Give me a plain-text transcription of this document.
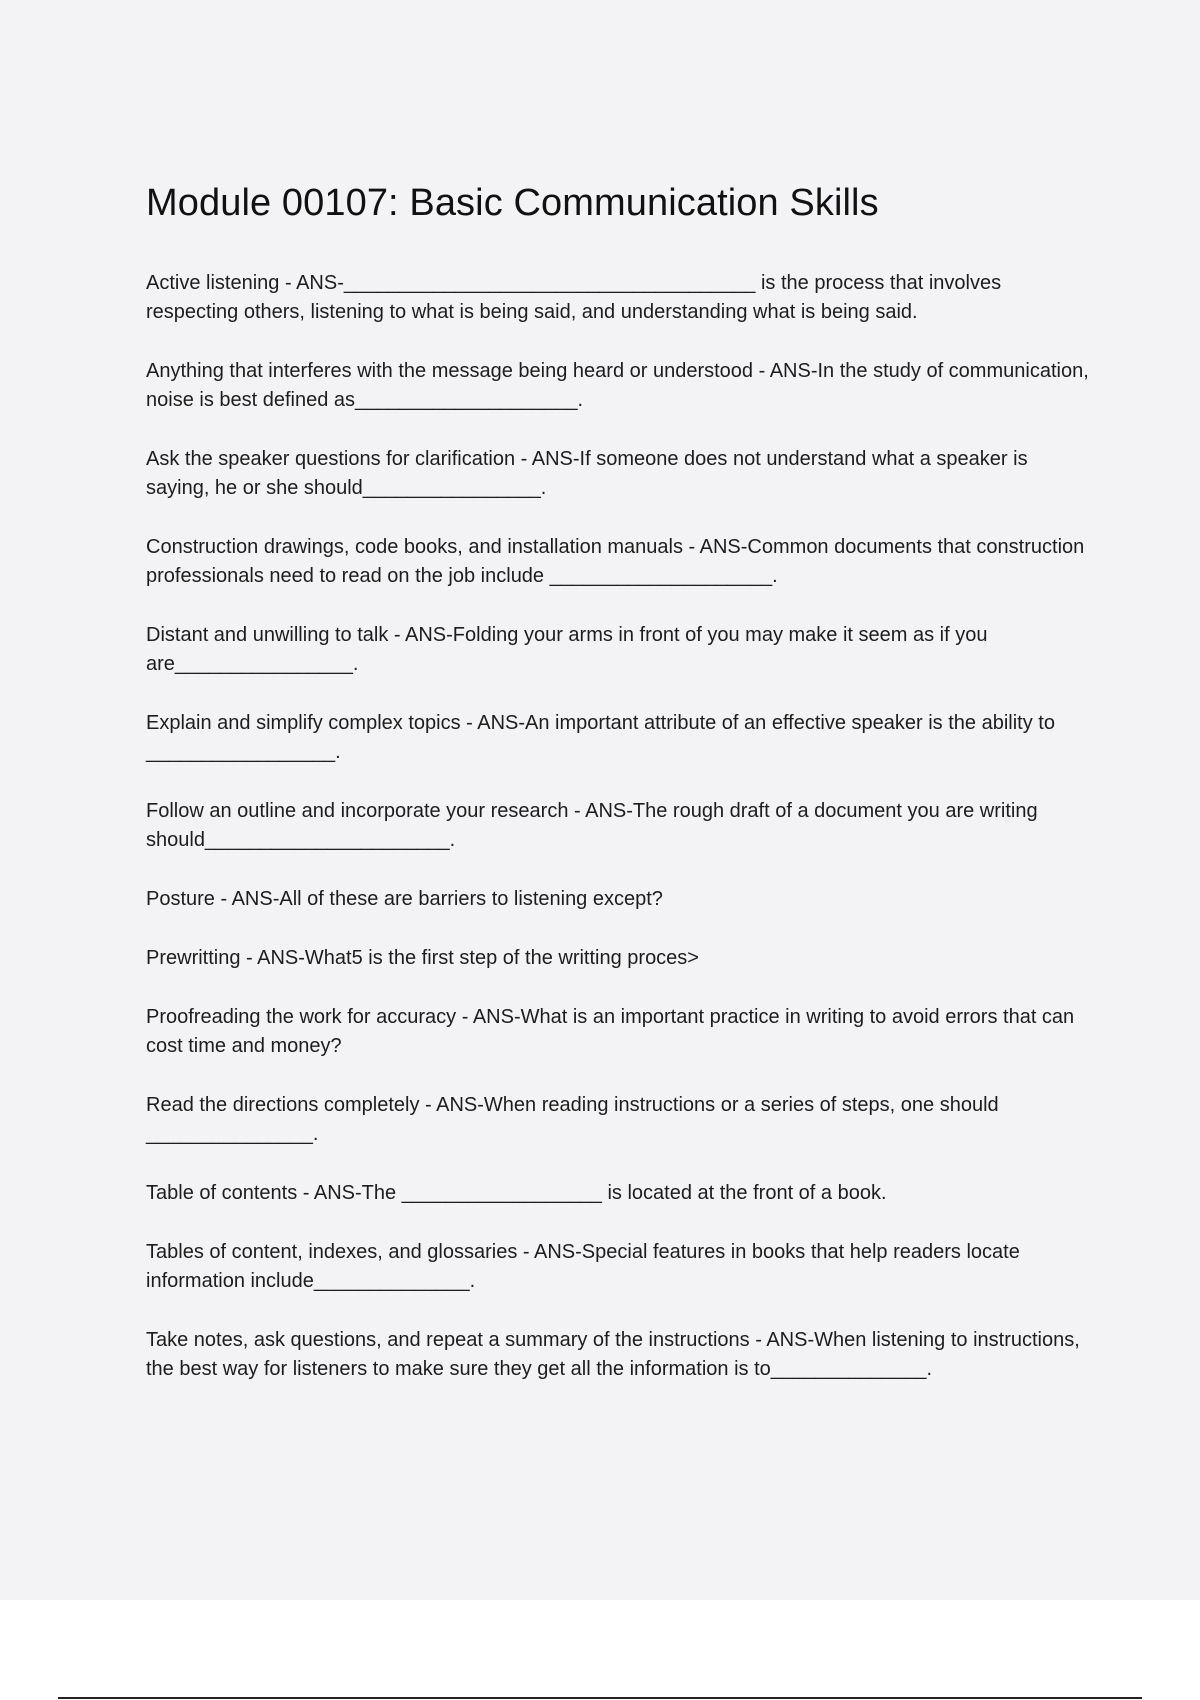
Module 00107: Basic Communication Skills

Active listening - ANS-_____________________________________ is the process that involves respecting others, listening to what is being said, and understanding what is being said.

Anything that interferes with the message being heard or understood - ANS-In the study of communication, noise is best defined as____________________.

Ask the speaker questions for clarification - ANS-If someone does not understand what a speaker is saying, he or she should________________.

Construction drawings, code books, and installation manuals - ANS-Common documents that construction professionals need to read on the job include ____________________.

Distant and unwilling to talk - ANS-Folding your arms in front of you may make it seem as if you are________________.

Explain and simplify complex topics - ANS-An important attribute of an effective speaker is the ability to _________________.

Follow an outline and incorporate your research - ANS-The rough draft of a document you are writing should______________________.

Posture - ANS-All of these are barriers to listening except?

Prewritting - ANS-What5 is the first step of the writting proces>

Proofreading the work for accuracy - ANS-What is an important practice in writing to avoid errors that can cost time and money?

Read the directions completely - ANS-When reading instructions or a series of steps, one should _______________.

Table of contents - ANS-The __________________ is located at the front of a book.

Tables of content, indexes, and glossaries - ANS-Special features in books that help readers locate information include______________.

Take notes, ask questions, and repeat a summary of the instructions - ANS-When listening to instructions, the best way for listeners to make sure they get all the information is to______________.
